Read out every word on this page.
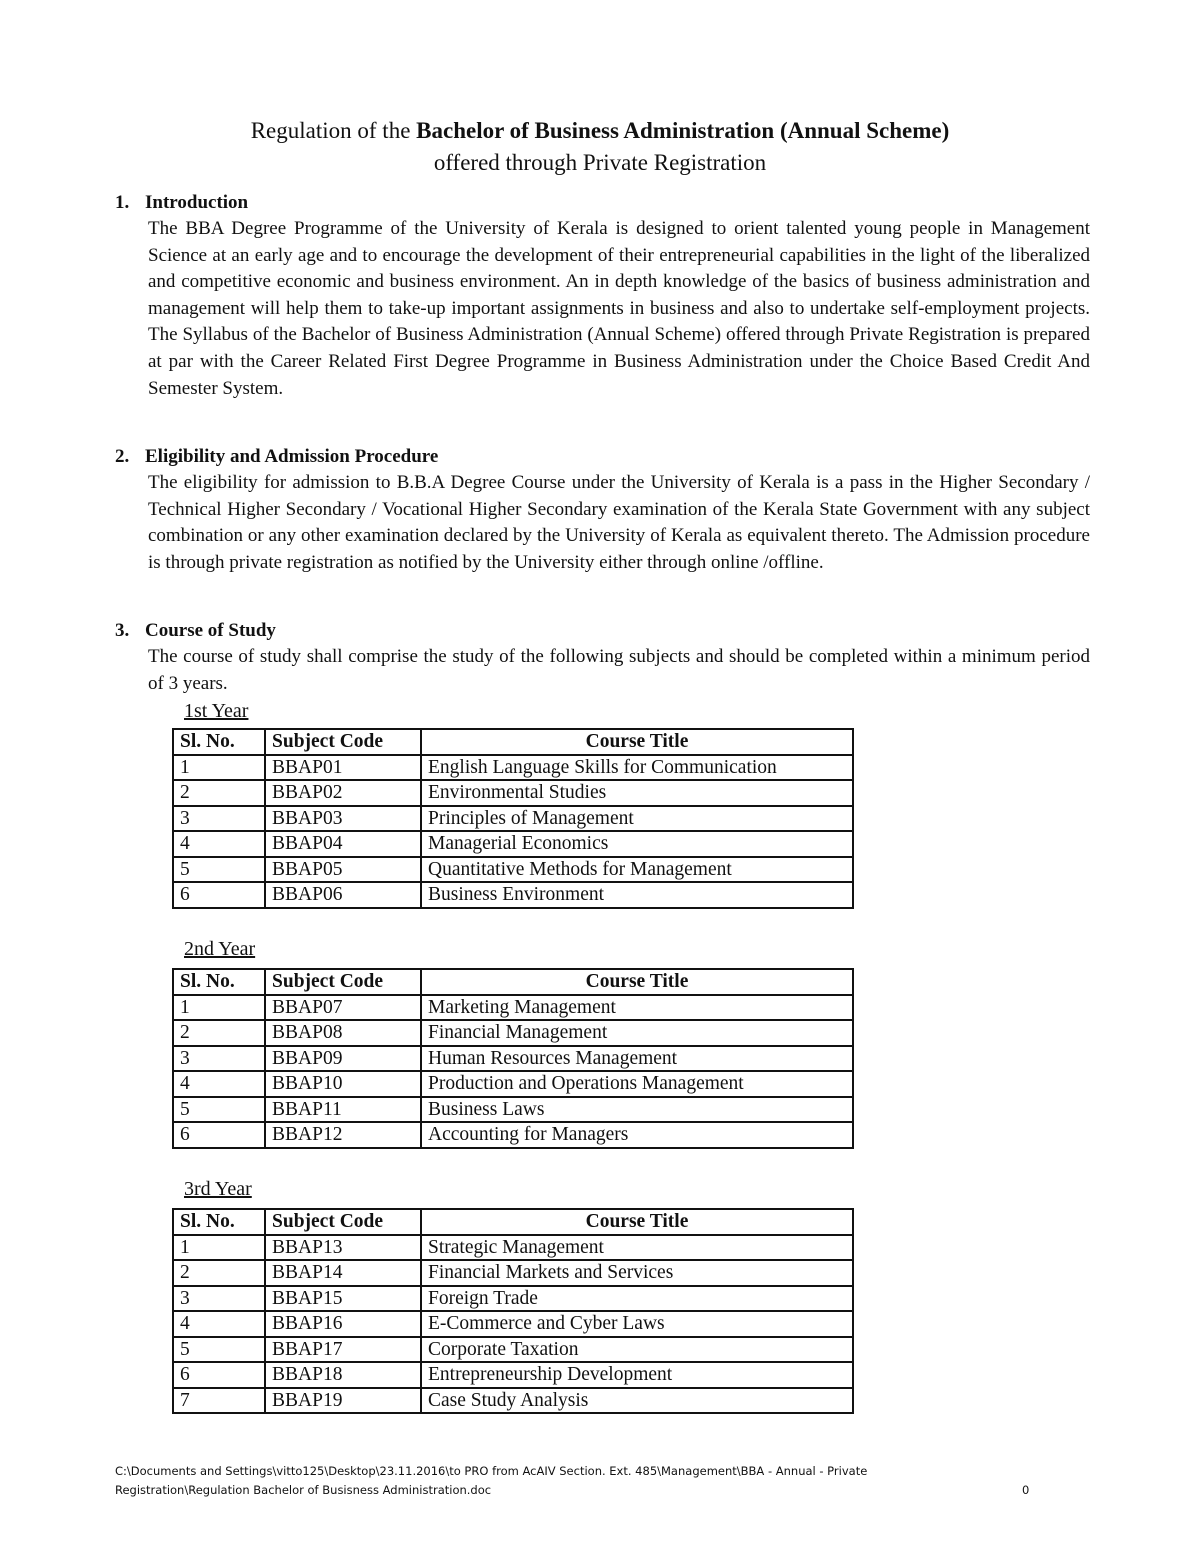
Regulation of the Bachelor of Business Administration (Annual Scheme)
offered through Private Registration
1. Introduction
The BBA Degree Programme of the University of Kerala is designed to orient talented young people in Management Science at an early age and to encourage the development of their entrepreneurial capabilities in the light of the liberalized and competitive economic and business environment. An in depth knowledge of the basics of business administration and management will help them to take-up important assignments in business and also to undertake self-employment projects. The Syllabus of the Bachelor of Business Administration (Annual Scheme) offered through Private Registration is prepared at par with the Career Related First Degree Programme in Business Administration under the Choice Based Credit And Semester System.
2. Eligibility and Admission Procedure
The eligibility for admission to B.B.A Degree Course under the University of Kerala is a pass in the Higher Secondary / Technical Higher Secondary / Vocational Higher Secondary examination of the Kerala State Government with any subject combination or any other examination declared by the University of Kerala as equivalent thereto. The Admission procedure is through private registration as notified by the University either through online /offline.
3. Course of Study
The course of study shall comprise the study of the following subjects and should be completed within a minimum period of 3 years.
1st Year
Sl. No.	Subject Code	Course Title
1	BBAP01	English Language Skills for Communication
2	BBAP02	Environmental Studies
3	BBAP03	Principles of Management
4	BBAP04	Managerial Economics
5	BBAP05	Quantitative Methods for Management
6	BBAP06	Business Environment
2nd Year
Sl. No.	Subject Code	Course Title
1	BBAP07	Marketing Management
2	BBAP08	Financial Management
3	BBAP09	Human Resources Management
4	BBAP10	Production and Operations Management
5	BBAP11	Business Laws
6	BBAP12	Accounting for Managers
3rd Year
Sl. No.	Subject Code	Course Title
1	BBAP13	Strategic Management
2	BBAP14	Financial Markets and Services
3	BBAP15	Foreign Trade
4	BBAP16	E-Commerce and Cyber Laws
5	BBAP17	Corporate Taxation
6	BBAP18	Entrepreneurship Development
7	BBAP19	Case Study Analysis
C:\Documents and Settings\vitto125\Desktop\23.11.2016\to PRO from AcAIV Section. Ext. 485\Management\BBA - Annual - Private
Registration\Regulation Bachelor of Busisness Administration.doc	0
